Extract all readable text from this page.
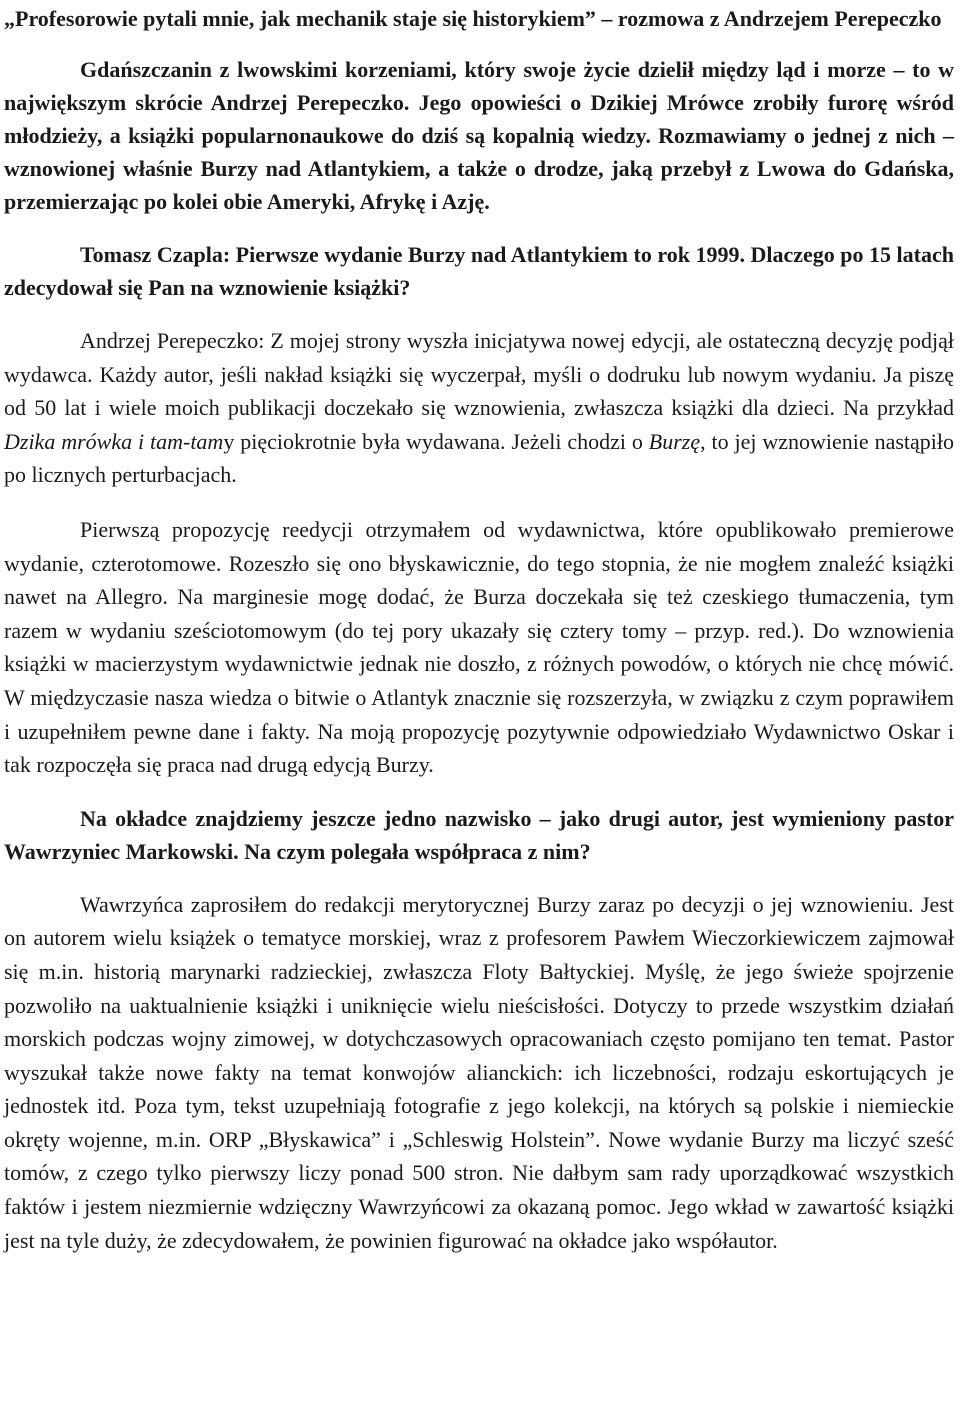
„Profesorowie pytali mnie, jak mechanik staje się historykiem” – rozmowa z Andrzejem Perepeczko

Gdańszczanin z lwowskimi korzeniami, który swoje życie dzielił między ląd i morze – to w największym skrócie Andrzej Perepeczko. Jego opowieści o Dzikiej Mrówce zrobiły furorę wśród młodzieży, a książki popularnonaukowe do dziś są kopalnią wiedzy. Rozmawiamy o jednej z nich – wznowionej właśnie Burzy nad Atlantykiem, a także o drodze, jaką przebył z Lwowa do Gdańska, przemierzając po kolei obie Ameryki, Afrykę i Azję.

Tomasz Czapla: Pierwsze wydanie Burzy nad Atlantykiem to rok 1999. Dlaczego po 15 latach zdecydował się Pan na wznowienie książki?

Andrzej Perepeczko: Z mojej strony wyszła inicjatywa nowej edycji, ale ostateczną decyzję podjął wydawca. Każdy autor, jeśli nakład książki się wyczerpał, myśli o dodruku lub nowym wydaniu. Ja piszę od 50 lat i wiele moich publikacji doczekało się wznowienia, zwłaszcza książki dla dzieci. Na przykład Dzika mrówka i tam-tamy pięciokrotnie była wydawana. Jeżeli chodzi o Burzę, to jej wznowienie nastąpiło po licznych perturbacjach.

Pierwszą propozycję reedycji otrzymałem od wydawnictwa, które opublikowało premierowe wydanie, czterotomowe. Rozeszło się ono błyskawicznie, do tego stopnia, że nie mogłem znaleźć książki nawet na Allegro. Na marginesie mogę dodać, że Burza doczekała się też czeskiego tłumaczenia, tym razem w wydaniu sześciotomowym (do tej pory ukazały się cztery tomy – przyp. red.). Do wznowienia książki w macierzystym wydawnictwie jednak nie doszło, z różnych powodów, o których nie chcę mówić. W międzyczasie nasza wiedza o bitwie o Atlantyk znacznie się rozszerzyła, w związku z czym poprawiłem i uzupełniłem pewne dane i fakty. Na moją propozycję pozytywnie odpowiedziało Wydawnictwo Oskar i tak rozpoczęła się praca nad drugą edycją Burzy.

Na okładce znajdziemy jeszcze jedno nazwisko – jako drugi autor, jest wymieniony pastor Wawrzyniec Markowski. Na czym polegała współpraca z nim?

Wawrzyńca zaprosiłem do redakcji merytorycznej Burzy zaraz po decyzji o jej wznowieniu. Jest on autorem wielu książek o tematyce morskiej, wraz z profesorem Pawłem Wieczorkiewiczem zajmował się m.in. historią marynarki radzieckiej, zwłaszcza Floty Bałtyckiej. Myślę, że jego świeże spojrzenie pozwoliło na uaktualnienie książki i uniknięcie wielu nieścisłości. Dotyczy to przede wszystkim działań morskich podczas wojny zimowej, w dotychczasowych opracowaniach często pomijano ten temat. Pastor wyszukał także nowe fakty na temat konwojów alianckich: ich liczebności, rodzaju eskortujących je jednostek itd. Poza tym, tekst uzupełniają fotografie z jego kolekcji, na których są polskie i niemieckie okręty wojenne, m.in. ORP „Błyskawica” i „Schleswig Holstein”. Nowe wydanie Burzy ma liczyć sześć tomów, z czego tylko pierwszy liczy ponad 500 stron. Nie dałbym sam rady uporządkować wszystkich faktów i jestem niezmiernie wdzięczny Wawrzyńcowi za okazaną pomoc. Jego wkład w zawartość książki jest na tyle duży, że zdecydowałem, że powinien figurować na okładce jako współautor.
